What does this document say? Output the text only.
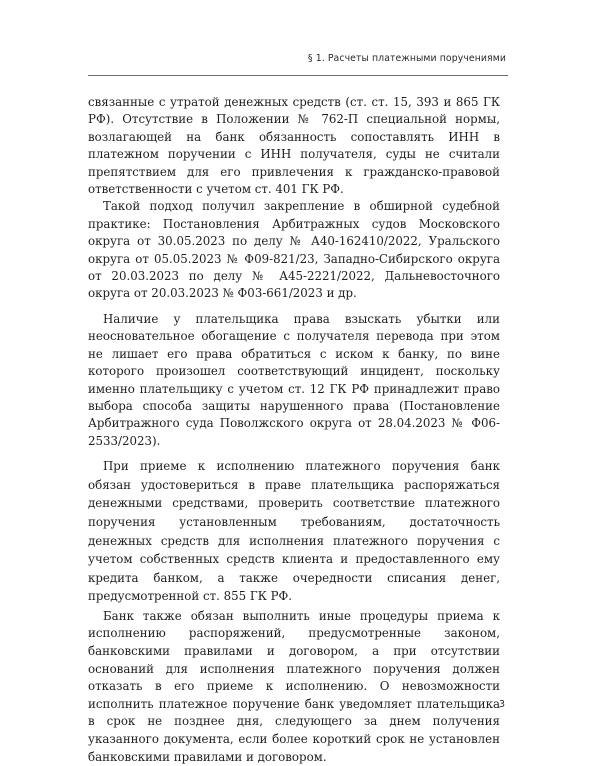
§ 1. Расчеты платежными поручениями

связанные с утратой денежных средств (ст. ст. 15, 393 и 865 ГК РФ). Отсутствие в Положении № 762-П специальной нормы, возлагающей на банк обязанность сопоставлять ИНН в платежном поручении с ИНН получателя, суды не считали препятствием для его привлечения к гражданско-правовой ответственности с учетом ст. 401 ГК РФ.

Такой подход получил закрепление в обширной судебной практике: Постановления Арбитражных судов Московского округа от 30.05.2023 по делу № А40-162410/2022, Уральского округа от 05.05.2023 № Ф09-821/23, Западно-Сибирского округа от 20.03.2023 по делу № А45-2221/2022, Дальневосточного округа от 20.03.2023 № Ф03-661/2023 и др.

Наличие у плательщика права взыскать убытки или неосновательное обогащение с получателя перевода при этом не лишает его права обратиться с иском к банку, по вине которого произошел соответствующий инцидент, поскольку именно плательщику с учетом ст. 12 ГК РФ принадлежит право выбора способа защиты нарушенного права (Постановление Арбитражного суда Поволжского округа от 28.04.2023 № Ф06-2533/2023).

При приеме к исполнению платежного поручения банк обязан удостовериться в праве плательщика распоряжаться денежными средствами, проверить соответствие платежного поручения установленным требованиям, достаточность денежных средств для исполнения платежного поручения с учетом собственных средств клиента и предоставленного ему кредита банком, а также очередности списания денег, предусмотренной ст. 855 ГК РФ.

Банк также обязан выполнить иные процедуры приема к исполнению распоряжений, предусмотренные законом, банковскими правилами и договором, а при отсутствии оснований для исполнения платежного поручения должен отказать в его приеме к исполнению. О невозможности исполнить платежное поручение банк уведомляет плательщика в срок не позднее дня, следующего за днем получения указанного документа, если более короткий срок не установлен банковскими правилами и договором.

3
